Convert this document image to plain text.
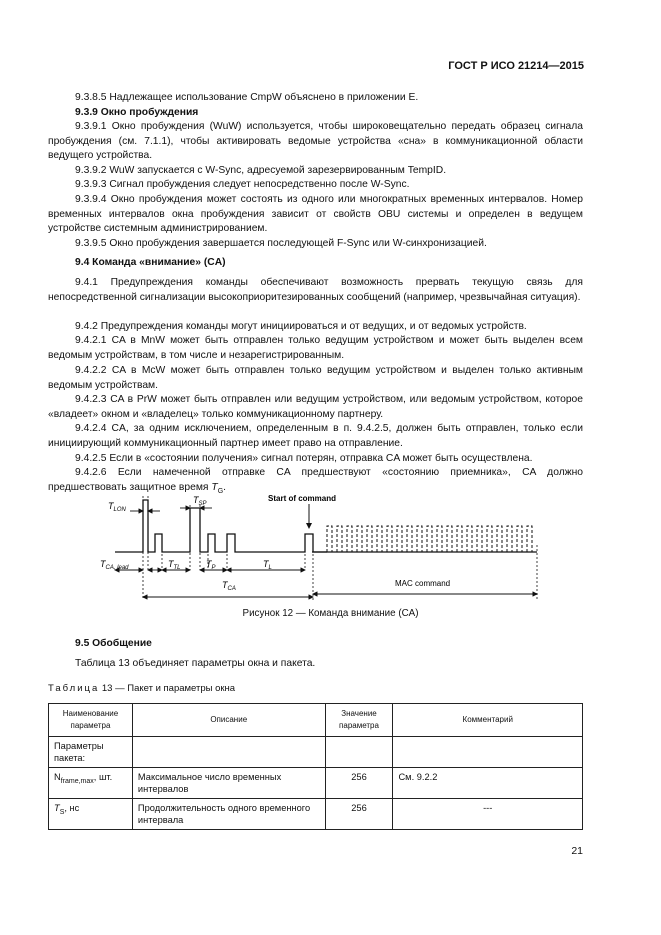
ГОСТ Р ИСО 21214—2015

9.3.8.5 Надлежащее использование CmpW объяснено в приложении E.

9.3.9 Окно пробуждения

9.3.9.1 Окно пробуждения (WuW) используется, чтобы широковещательно передать образец сигнала пробуждения (см. 7.1.1), чтобы активировать ведомые устройства «сна» в коммуникационной области ведущего устройства.

9.3.9.2 WuW запускается с W-Sync, адресуемой зарезервированным TempID.

9.3.9.3 Сигнал пробуждения следует непосредственно после W-Sync.

9.3.9.4 Окно пробуждения может состоять из одного или многократных временных интервалов. Номер временных интервалов окна пробуждения зависит от свойств OBU системы и определен в ведущем устройстве системным администрированием.

9.3.9.5 Окно пробуждения завершается последующей F-Sync или W-синхронизацией.

9.4 Команда «внимание» (CA)

9.4.1 Предупреждения команды обеспечивают возможность прервать текущую связь для непосредственной сигнализации высокоприоритезированных сообщений (например, чрезвычайная ситуация).

9.4.2 Предупреждения команды могут инициироваться и от ведущих, и от ведомых устройств.

9.4.2.1 CA в MnW может быть отправлен только ведущим устройством и может быть выделен всем ведомым устройствам, в том числе и незарегистрированным.

9.4.2.2 CA в McW может быть отправлен только ведущим устройством и выделен только активным ведомым устройствам.

9.4.2.3 CA в PrW может быть отправлен или ведущим устройством, или ведомым устройством, которое «владеет» окном и «владелец» только коммуникационному партнеру.

9.4.2.4 CA, за одним исключением, определенным в п. 9.4.2.5, должен быть отправлен, только если инициирующий коммуникационный партнер имеет право на отправление.

9.4.2.5 Если в «состоянии получения» сигнал потерян, отправка CA может быть осуществлена.

9.4.2.6 Если намеченной отправке CA предшествуют «состоянию приемника», CA должно предшествовать защитное время $T_G$.

Start of command
$T_{LON}$
$T_{SP}$
$T_{CA, lead}$	$T_{TL}$	$T_P$	$T_L$
$T_{CA}$
MAC command
Рисунок 12 — Команда внимание (CA)
9.5 Обобщение

Таблица 13 объединяет параметры окна и пакета.

Таблица 13 — Пакет и параметры окна
Наименование параметра	Описание	Значение параметра	Комментарий
Параметры пакета:			
$N_{frame,max}$, шт.	Максимальное число временных интервалов	256	См. 9.2.2
$T_S$, нс	Продолжительность одного временного интервала	256	---
21
